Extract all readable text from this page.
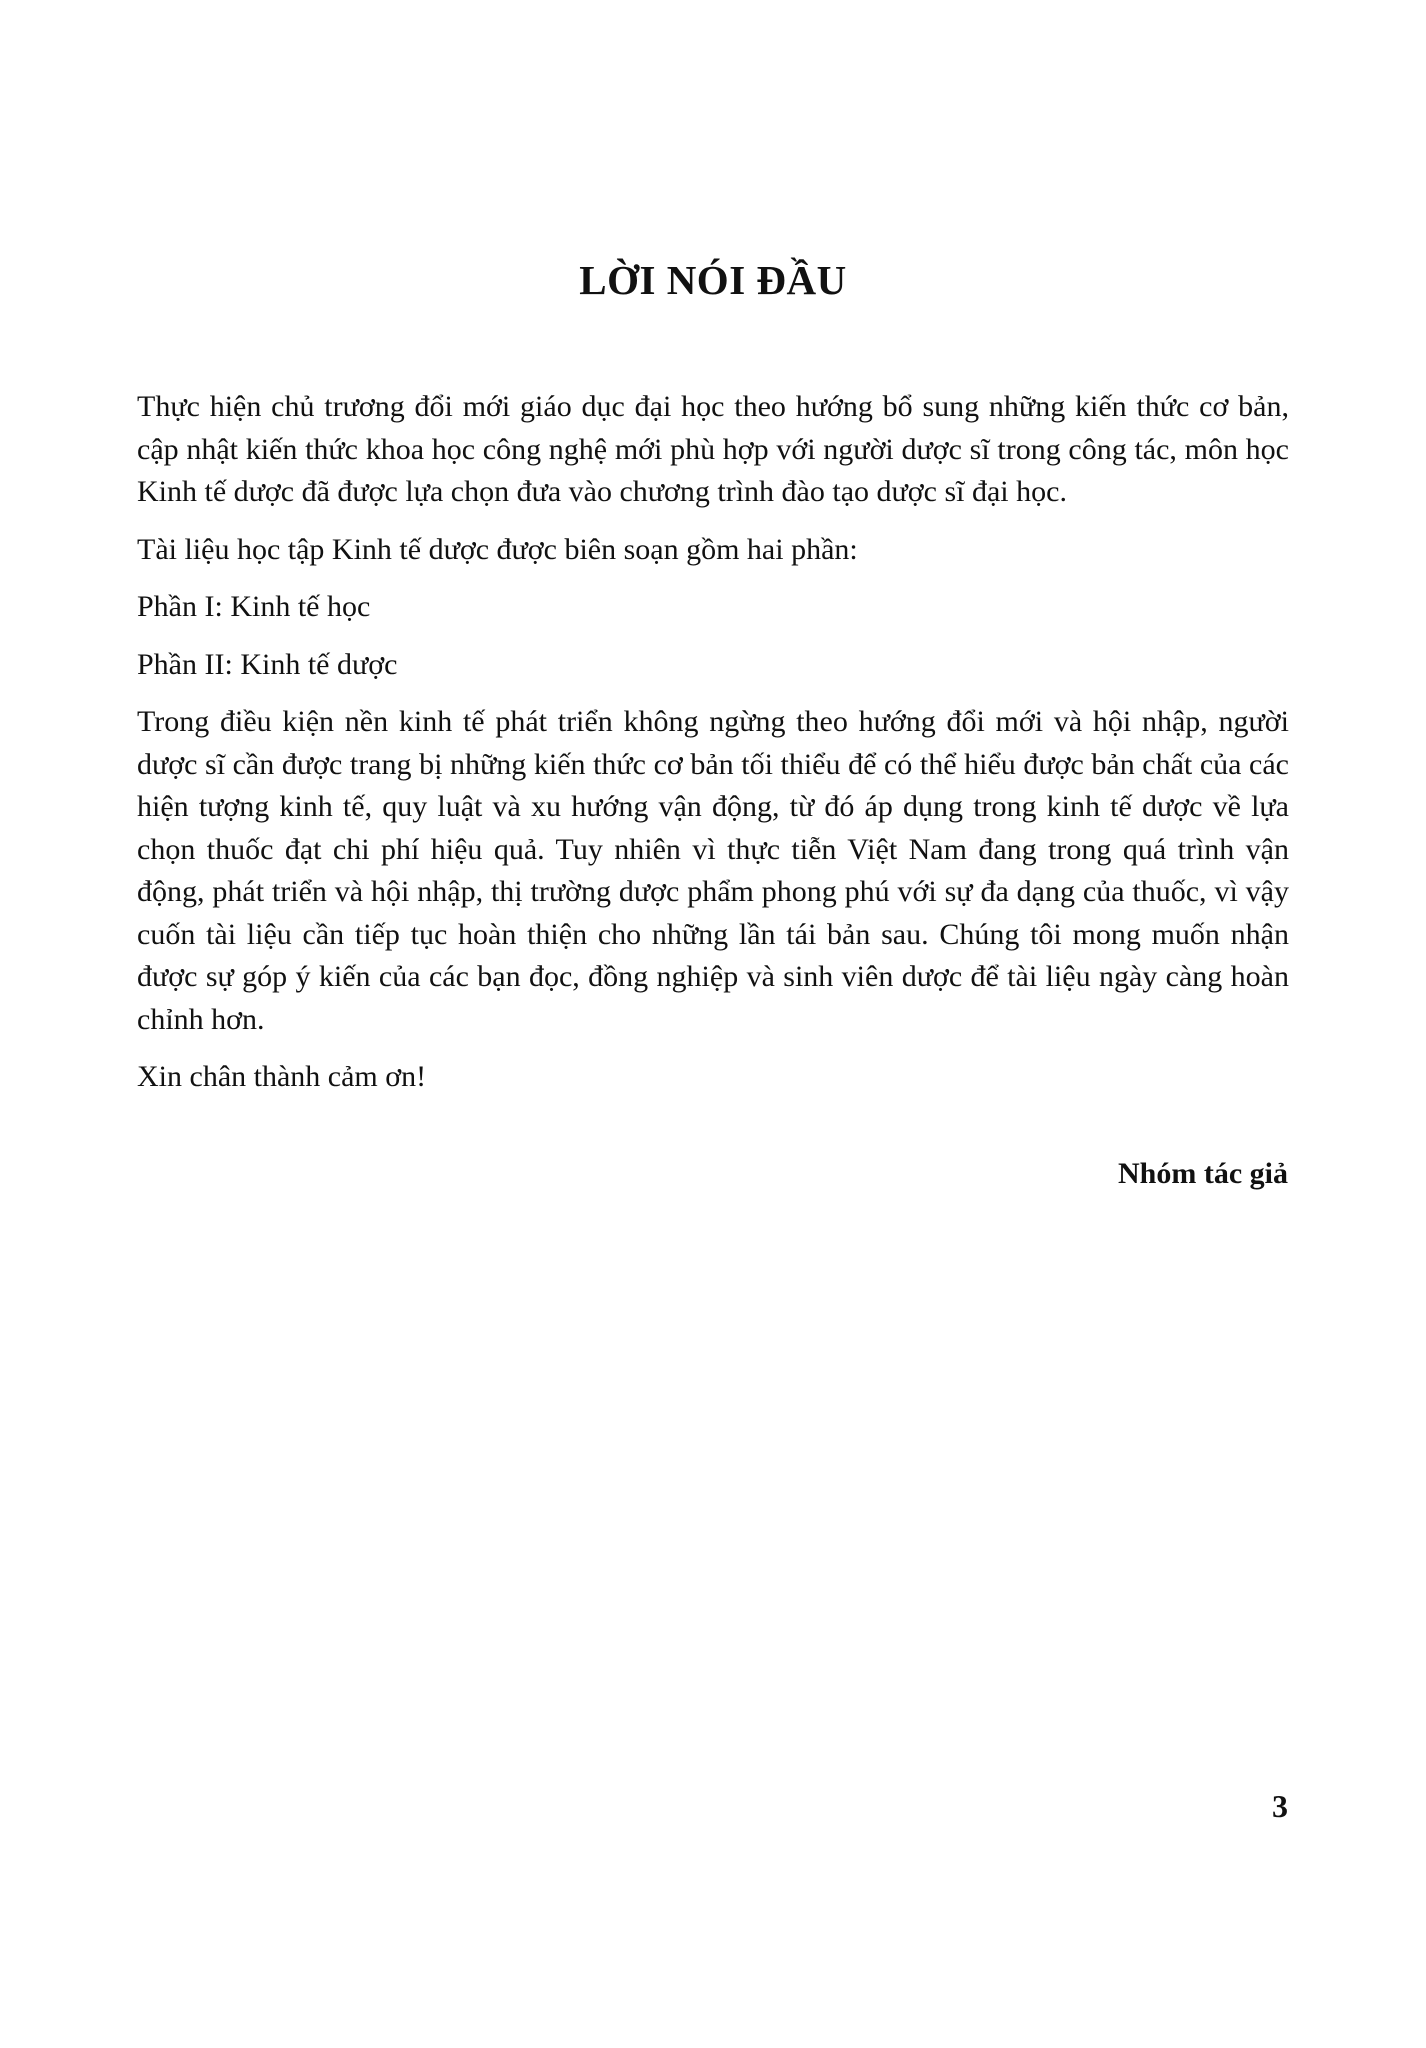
LỜI NÓI ĐẦU

Thực hiện chủ trương đổi mới giáo dục đại học theo hướng bổ sung những kiến thức cơ bản, cập nhật kiến thức khoa học công nghệ mới phù hợp với người dược sĩ trong công tác, môn học Kinh tế dược đã được lựa chọn đưa vào chương trình đào tạo dược sĩ đại học.

Tài liệu học tập Kinh tế dược được biên soạn gồm hai phần:

Phần I: Kinh tế học

Phần II: Kinh tế dược

Trong điều kiện nền kinh tế phát triển không ngừng theo hướng đổi mới và hội nhập, người dược sĩ cần được trang bị những kiến thức cơ bản tối thiểu để có thể hiểu được bản chất của các hiện tượng kinh tế, quy luật và xu hướng vận động, từ đó áp dụng trong kinh tế dược về lựa chọn thuốc đạt chi phí hiệu quả. Tuy nhiên vì thực tiễn Việt Nam đang trong quá trình vận động, phát triển và hội nhập, thị trường dược phẩm phong phú với sự đa dạng của thuốc, vì vậy cuốn tài liệu cần tiếp tục hoàn thiện cho những lần tái bản sau. Chúng tôi mong muốn nhận được sự góp ý kiến của các bạn đọc, đồng nghiệp và sinh viên dược để tài liệu ngày càng hoàn chỉnh hơn.

Xin chân thành cảm ơn!

Nhóm tác giả

3
